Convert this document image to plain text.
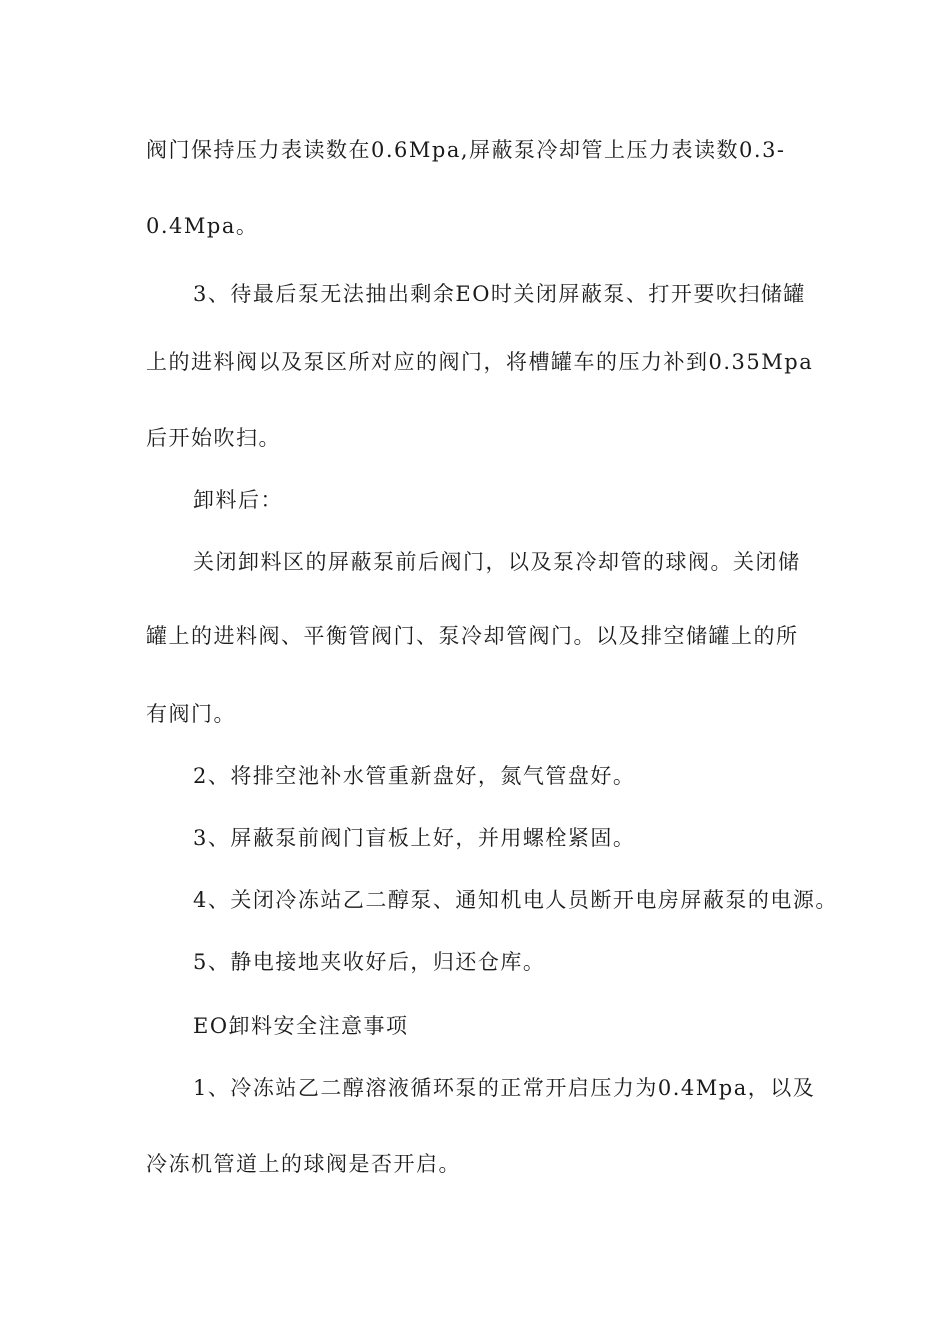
阀门保持压力表读数在0.6Mpa,屏蔽泵冷却管上压力表读数0.3-
0.4Mpa。
3、待最后泵无法抽出剩余EO时关闭屏蔽泵、打开要吹扫储罐
上的进料阀以及泵区所对应的阀门，将槽罐车的压力补到0.35Mpa
后开始吹扫。
卸料后：
关闭卸料区的屏蔽泵前后阀门，以及泵冷却管的球阀。关闭储
罐上的进料阀、平衡管阀门、泵冷却管阀门。以及排空储罐上的所
有阀门。
2、将排空池补水管重新盘好，氮气管盘好。
3、屏蔽泵前阀门盲板上好，并用螺栓紧固。
4、关闭冷冻站乙二醇泵、通知机电人员断开电房屏蔽泵的电源。
5、静电接地夹收好后，归还仓库。
EO卸料安全注意事项
1、冷冻站乙二醇溶液循环泵的正常开启压力为0.4Mpa，以及
冷冻机管道上的球阀是否开启。
